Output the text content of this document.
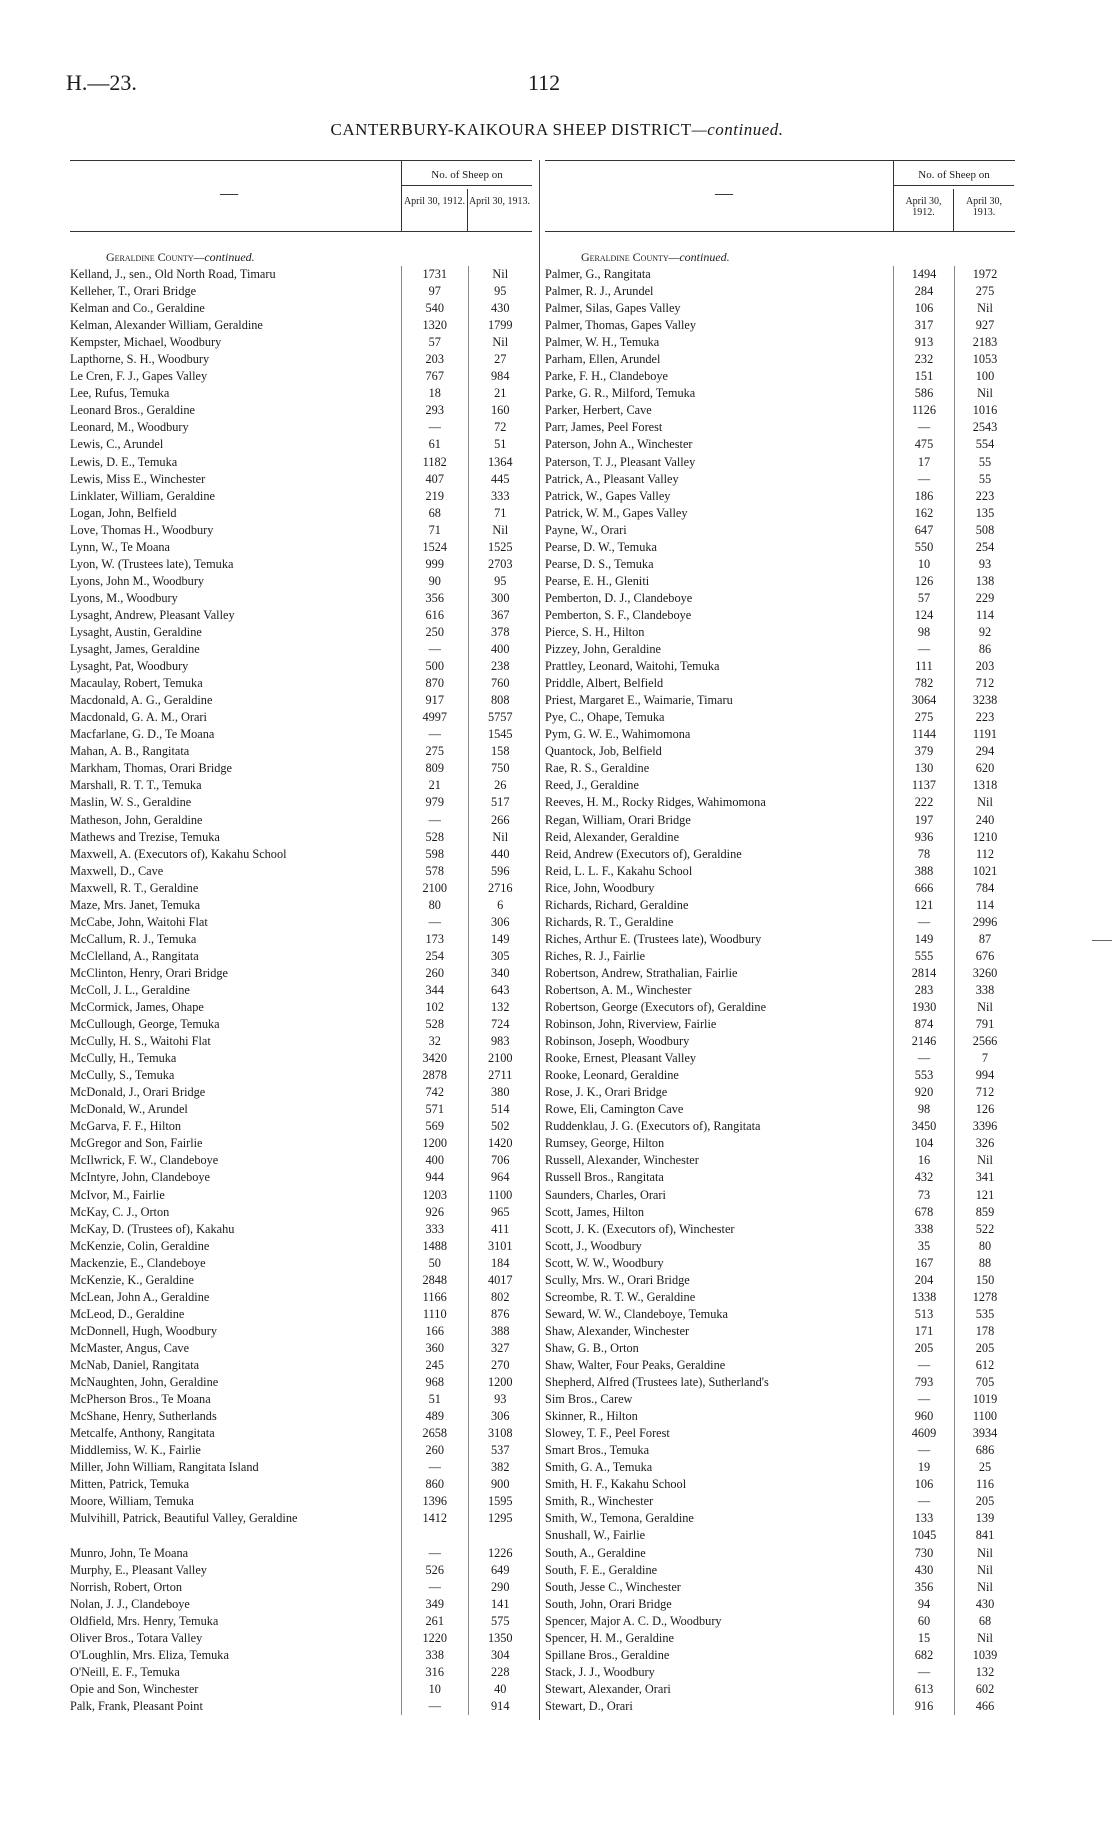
H.—23.	112
CANTERBURY-KAIKOURA SHEEP DISTRICT—continued.
—
No. of Sheep on
April 30, 1912. April 30, 1913.
Geraldine County—continued.
Kelland, J., sen., Old North Road, Timaru	1731	Nil
Kelleher, T., Orari Bridge	97	95
Kelman and Co., Geraldine	540	430
Kelman, Alexander William, Geraldine	1320	1799
Kempster, Michael, Woodbury	57	Nil
Lapthorne, S. H., Woodbury	203	27
Le Cren, F. J., Gapes Valley	767	984
Lee, Rufus, Temuka	18	21
Leonard Bros., Geraldine	293	160
Leonard, M., Woodbury	—	72
Lewis, C., Arundel	61	51
Lewis, D. E., Temuka	1182	1364
Lewis, Miss E., Winchester	407	445
Linklater, William, Geraldine	219	333
Logan, John, Belfield	68	71
Love, Thomas H., Woodbury	71	Nil
Lynn, W., Te Moana	1524	1525
Lyon, W. (Trustees late), Temuka	999	2703
Lyons, John M., Woodbury	90	95
Lyons, M., Woodbury	356	300
Lysaght, Andrew, Pleasant Valley	616	367
Lysaght, Austin, Geraldine	250	378
Lysaght, James, Geraldine	—	400
Lysaght, Pat, Woodbury	500	238
Macaulay, Robert, Temuka	870	760
Macdonald, A. G., Geraldine	917	808
Macdonald, G. A. M., Orari	4997	5757
Macfarlane, G. D., Te Moana	—	1545
Mahan, A. B., Rangitata	275	158
Markham, Thomas, Orari Bridge	809	750
Marshall, R. T. T., Temuka	21	26
Maslin, W. S., Geraldine	979	517
Matheson, John, Geraldine	—	266
Mathews and Trezise, Temuka	528	Nil
Maxwell, A. (Executors of), Kakahu School	598	440
Maxwell, D., Cave	578	596
Maxwell, R. T., Geraldine	2100	2716
Maze, Mrs. Janet, Temuka	80	6
McCabe, John, Waitohi Flat	—	306
McCallum, R. J., Temuka	173	149
McClelland, A., Rangitata	254	305
McClinton, Henry, Orari Bridge	260	340
McColl, J. L., Geraldine	344	643
McCormick, James, Ohape	102	132
McCullough, George, Temuka	528	724
McCully, H. S., Waitohi Flat	32	983
McCully, H., Temuka	3420	2100
McCully, S., Temuka	2878	2711
McDonald, J., Orari Bridge	742	380
McDonald, W., Arundel	571	514
McGarva, F. F., Hilton	569	502
McGregor and Son, Fairlie	1200	1420
McIlwrick, F. W., Clandeboye	400	706
McIntyre, John, Clandeboye	944	964
McIvor, M., Fairlie	1203	1100
McKay, C. J., Orton	926	965
McKay, D. (Trustees of), Kakahu	333	411
McKenzie, Colin, Geraldine	1488	3101
Mackenzie, E., Clandeboye	50	184
McKenzie, K., Geraldine	2848	4017
McLean, John A., Geraldine	1166	802
McLeod, D., Geraldine	1110	876
McDonnell, Hugh, Woodbury	166	388
McMaster, Angus, Cave	360	327
McNab, Daniel, Rangitata	245	270
McNaughten, John, Geraldine	968	1200
McPherson Bros., Te Moana	51	93
McShane, Henry, Sutherlands	489	306
Metcalfe, Anthony, Rangitata	2658	3108
Middlemiss, W. K., Fairlie	260	537
Miller, John William, Rangitata Island	—	382
Mitten, Patrick, Temuka	860	900
Moore, William, Temuka	1396	1595
Mulvihill, Patrick, Beautiful Valley, Geraldine	1412	1295
Munro, John, Te Moana	—	1226
Murphy, E., Pleasant Valley	526	649
Norrish, Robert, Orton	—	290
Nolan, J. J., Clandeboye	349	141
Oldfield, Mrs. Henry, Temuka	261	575
Oliver Bros., Totara Valley	1220	1350
O'Loughlin, Mrs. Eliza, Temuka	338	304
O'Neill, E. F., Temuka	316	228
Opie and Son, Winchester	10	40
Palk, Frank, Pleasant Point	—	914
—
No. of Sheep on
April 30, 1912.
April 30, 1913.
Geraldine County—continued.
Palmer, G., Rangitata	1494	1972
Palmer, R. J., Arundel	284	275
Palmer, Silas, Gapes Valley	106	Nil
Palmer, Thomas, Gapes Valley	317	927
Palmer, W. H., Temuka	913	2183
Parham, Ellen, Arundel	232	1053
Parke, F. H., Clandeboye	151	100
Parke, G. R., Milford, Temuka	586	Nil
Parker, Herbert, Cave	1126	1016
Parr, James, Peel Forest	—	2543
Paterson, John A., Winchester	475	554
Paterson, T. J., Pleasant Valley	17	55
Patrick, A., Pleasant Valley	—	55
Patrick, W., Gapes Valley	186	223
Patrick, W. M., Gapes Valley	162	135
Payne, W., Orari	647	508
Pearse, D. W., Temuka	550	254
Pearse, D. S., Temuka	10	93
Pearse, E. H., Gleniti	126	138
Pemberton, D. J., Clandeboye	57	229
Pemberton, S. F., Clandeboye	124	114
Pierce, S. H., Hilton	98	92
Pizzey, John, Geraldine	—	86
Prattley, Leonard, Waitohi, Temuka	111	203
Priddle, Albert, Belfield	782	712
Priest, Margaret E., Waimarie, Timaru	3064	3238
Pye, C., Ohape, Temuka	275	223
Pym, G. W. E., Wahimomona	1144	1191
Quantock, Job, Belfield	379	294
Rae, R. S., Geraldine	130	620
Reed, J., Geraldine	1137	1318
Reeves, H. M., Rocky Ridges, Wahimomona	222	Nil
Regan, William, Orari Bridge	197	240
Reid, Alexander, Geraldine	936	1210
Reid, Andrew (Executors of), Geraldine	78	112
Reid, L. L. F., Kakahu School	388	1021
Rice, John, Woodbury	666	784
Richards, Richard, Geraldine	121	114
Richards, R. T., Geraldine	—	2996
Riches, Arthur E. (Trustees late), Woodbury	149	87
Riches, R. J., Fairlie	555	676
Robertson, Andrew, Strathalian, Fairlie	2814	3260
Robertson, A. M., Winchester	283	338
Robertson, George (Executors of), Geraldine	1930	Nil
Robinson, John, Riverview, Fairlie	874	791
Robinson, Joseph, Woodbury	2146	2566
Rooke, Ernest, Pleasant Valley	—	7
Rooke, Leonard, Geraldine	553	994
Rose, J. K., Orari Bridge	920	712
Rowe, Eli, Camington Cave	98	126
Ruddenklau, J. G. (Executors of), Rangitata	3450	3396
Rumsey, George, Hilton	104	326
Russell, Alexander, Winchester	16	Nil
Russell Bros., Rangitata	432	341
Saunders, Charles, Orari	73	121
Scott, James, Hilton	678	859
Scott, J. K. (Executors of), Winchester	338	522
Scott, J., Woodbury	35	80
Scott, W. W., Woodbury	167	88
Scully, Mrs. W., Orari Bridge	204	150
Screombe, R. T. W., Geraldine	1338	1278
Seward, W. W., Clandeboye, Temuka	513	535
Shaw, Alexander, Winchester	171	178
Shaw, G. B., Orton	205	205
Shaw, Walter, Four Peaks, Geraldine	—	612
Shepherd, Alfred (Trustees late), Sutherland's	793	705
Sim Bros., Carew	—	1019
Skinner, R., Hilton	960	1100
Slowey, T. F., Peel Forest	4609	3934
Smart Bros., Temuka	—	686
Smith, G. A., Temuka	19	25
Smith, H. F., Kakahu School	106	116
Smith, R., Winchester	—	205
Smith, W., Temona, Geraldine	133	139
Snushall, W., Fairlie	1045	841
South, A., Geraldine	730	Nil
South, F. E., Geraldine	430	Nil
South, Jesse C., Winchester	356	Nil
South, John, Orari Bridge	94	430
Spencer, Major A. C. D., Woodbury	60	68
Spencer, H. M., Geraldine	15	Nil
Spillane Bros., Geraldine	682	1039
Stack, J. J., Woodbury	—	132
Stewart, Alexander, Orari	613	602
Stewart, D., Orari	916	466
